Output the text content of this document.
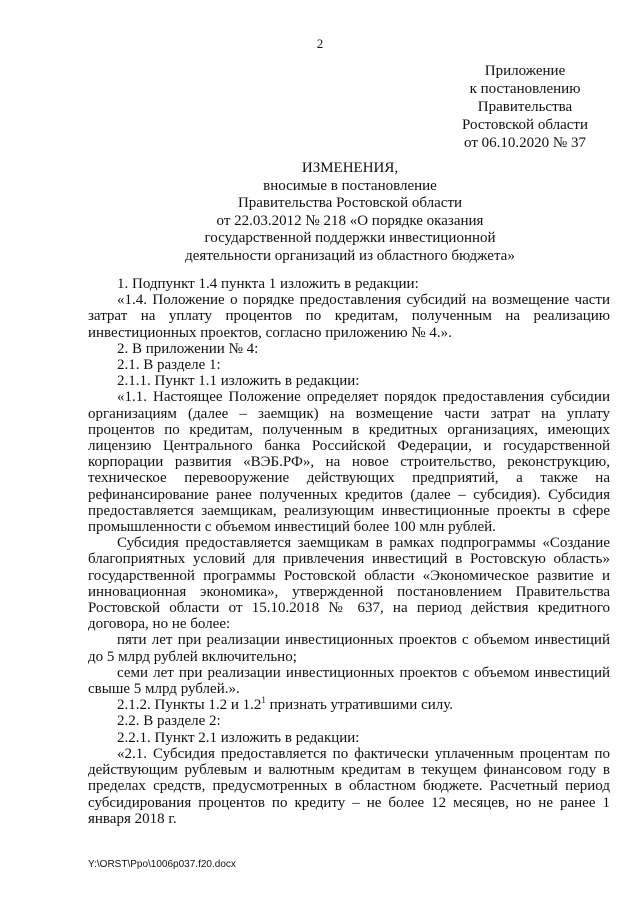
2
Приложение
к постановлению
Правительства
Ростовской области
от 06.10.2020 № 37
ИЗМЕНЕНИЯ,
вносимые в постановление
Правительства Ростовской области
от 22.03.2012 № 218 «О порядке оказания
государственной поддержки инвестиционной
деятельности организаций из областного бюджета»

1. Подпункт 1.4 пункта 1 изложить в редакции:

«1.4. Положение о порядке предоставления субсидий на возмещение части затрат на уплату процентов по кредитам, полученным на реализацию инвестиционных проектов, согласно приложению № 4.».

2. В приложении № 4:

2.1. В разделе 1:

2.1.1. Пункт 1.1 изложить в редакции:

«1.1. Настоящее Положение определяет порядок предоставления субсидии организациям (далее – заемщик) на возмещение части затрат на уплату процентов по кредитам, полученным в кредитных организациях, имеющих лицензию Центрального банка Российской Федерации, и государственной корпорации развития «ВЭБ.РФ», на новое строительство, реконструкцию, техническое перевооружение действующих предприятий, а также на рефинансирование ранее полученных кредитов (далее – субсидия). Субсидия предоставляется заемщикам, реализующим инвестиционные проекты в сфере промышленности с объемом инвестиций более 100 млн рублей.

Субсидия предоставляется заемщикам в рамках подпрограммы «Создание благоприятных условий для привлечения инвестиций в Ростовскую область» государственной программы Ростовской области «Экономическое развитие и инновационная экономика», утвержденной постановлением Правительства Ростовской области от 15.10.2018 № 637, на период действия кредитного договора, но не более:

пяти лет при реализации инвестиционных проектов с объемом инвестиций до 5 млрд рублей включительно;

семи лет при реализации инвестиционных проектов с объемом инвестиций свыше 5 млрд рублей.».

2.1.2. Пункты 1.2 и $1.2^1$ признать утратившими силу.

2.2. В разделе 2:

2.2.1. Пункт 2.1 изложить в редакции:

«2.1. Субсидия предоставляется по фактически уплаченным процентам по действующим рублевым и валютным кредитам в текущем финансовом году в пределах средств, предусмотренных в областном бюджете. Расчетный период субсидирования процентов по кредиту – не более 12 месяцев, но не ранее 1 января 2018 г.

Y:\ORST\Ppo\1006p037.f20.docx
